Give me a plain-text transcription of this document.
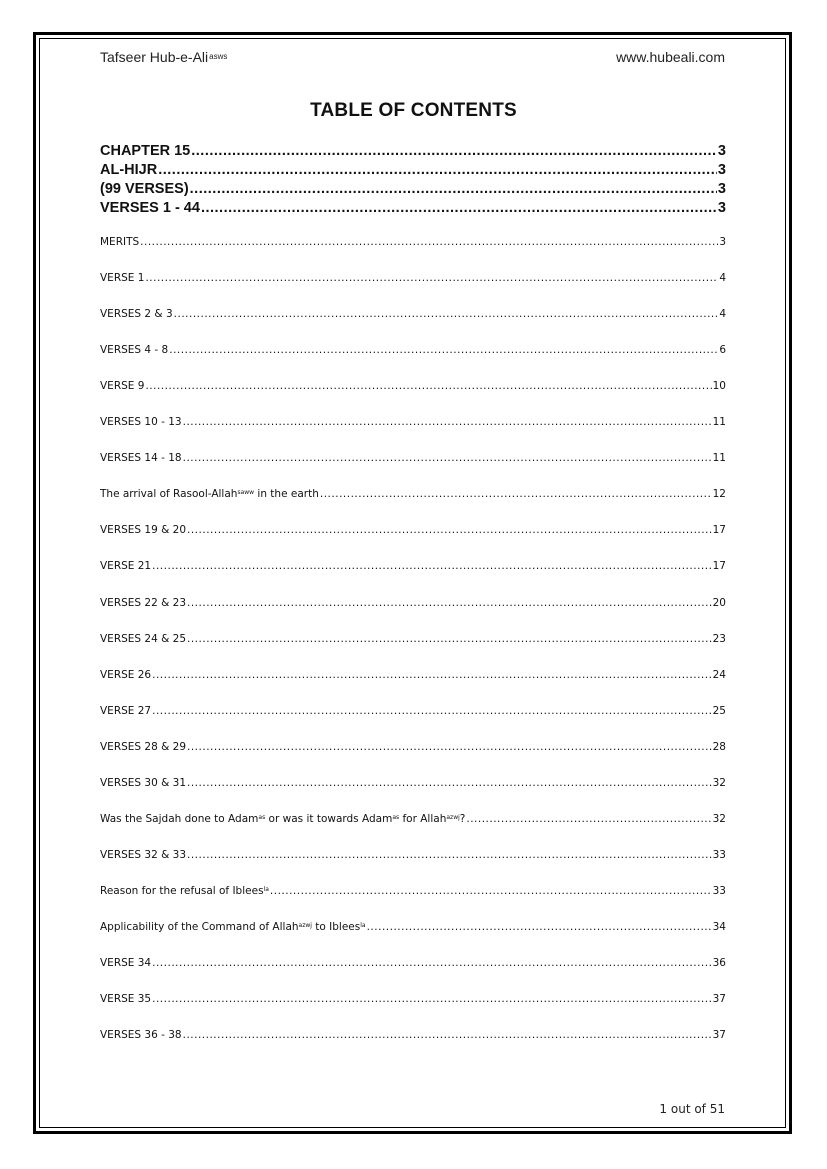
Tafseer Hub-e-Ali$^{asws}$	www.hubeali.com
TABLE OF CONTENTS
CHAPTER 15 .....	3
AL-HIJR .....	3
(99 VERSES) .....	3
VERSES 1 - 44 .....	3
MERITS .....	3
VERSE 1 .....	4
VERSES 2 & 3 .....	4
VERSES 4 - 8 .....	6
VERSE 9 .....	10
VERSES 10 - 13 .....	11
VERSES 14 - 18 .....	11
The arrival of Rasool-Allah$^{saww}$ in the earth .....	12
VERSES 19 & 20 .....	17
VERSE 21 .....	17
VERSES 22 & 23 .....	20
VERSES 24 & 25 .....	23
VERSE 26 .....	24
VERSE 27 .....	25
VERSES 28 & 29 .....	28
VERSES 30 & 31 .....	32
Was the Sajdah done to Adam$^{as}$ or was it towards Adam$^{as}$ for Allah$^{azwj}$? .....	32
VERSES 32 & 33 .....	33
Reason for the refusal of Iblees$^{la}$ .....	33
Applicability of the Command of Allah$^{azwj}$ to Iblees$^{la}$ .....	34
VERSE 34 .....	36
VERSE 35 .....	37
VERSES 36 - 38 .....	37
1 out of 51
